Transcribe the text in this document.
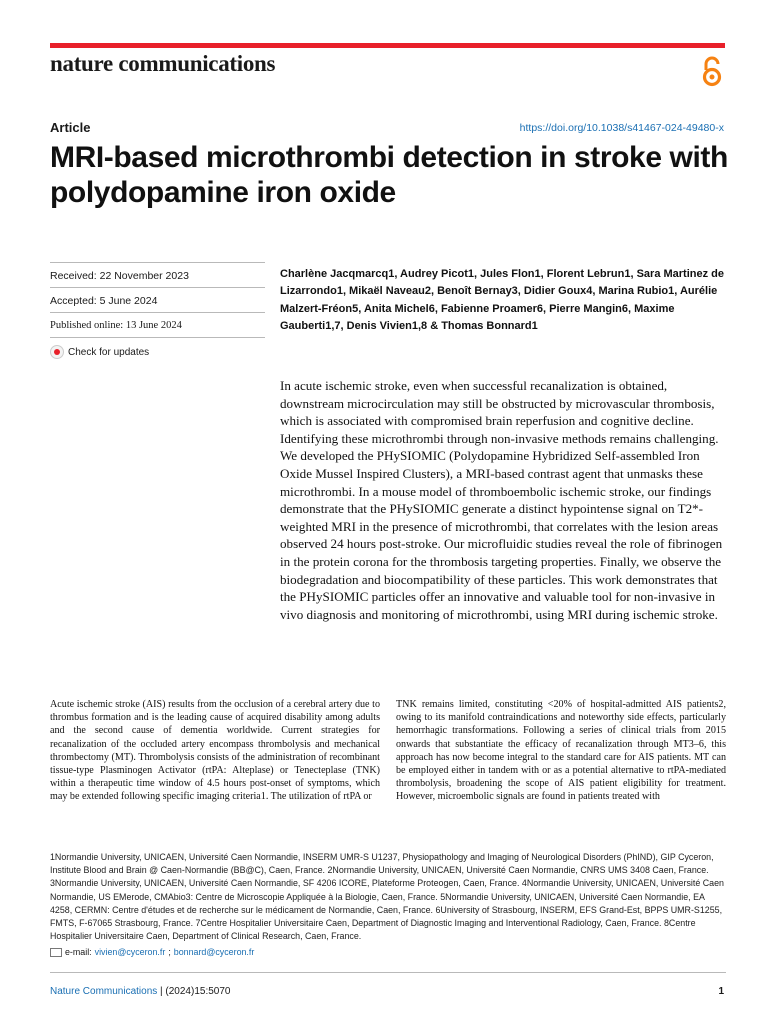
nature communications
Article	https://doi.org/10.1038/s41467-024-49480-x
MRI-based microthrombi detection in stroke with polydopamine iron oxide
Received: 22 November 2023
Accepted: 5 June 2024
Published online: 13 June 2024
Check for updates
Charlène Jacqmarcq1, Audrey Picot1, Jules Flon1, Florent Lebrun1, Sara Martinez de Lizarrondo1, Mikaël Naveau2, Benoît Bernay3, Didier Goux4, Marina Rubio1, Aurélie Malzert-Fréon5, Anita Michel6, Fabienne Proamer6, Pierre Mangin6, Maxime Gauberti1,7, Denis Vivien1,8 & Thomas Bonnard1

In acute ischemic stroke, even when successful recanalization is obtained, downstream microcirculation may still be obstructed by microvascular thrombosis, which is associated with compromised brain reperfusion and cognitive decline. Identifying these microthrombi through non-invasive methods remains challenging. We developed the PHySIOMIC (Polydopamine Hybridized Self-assembled Iron Oxide Mussel Inspired Clusters), a MRI-based contrast agent that unmasks these microthrombi. In a mouse model of thromboembolic ischemic stroke, our findings demonstrate that the PHySIOMIC generate a distinct hypointense signal on T2*-weighted MRI in the presence of microthrombi, that correlates with the lesion areas observed 24 hours post-stroke. Our microfluidic studies reveal the role of fibrinogen in the protein corona for the thrombosis targeting properties. Finally, we observe the biodegradation and biocompatibility of these particles. This work demonstrates that the PHySIOMIC particles offer an innovative and valuable tool for non-invasive in vivo diagnosis and monitoring of microthrombi, using MRI during ischemic stroke.

Acute ischemic stroke (AIS) results from the occlusion of a cerebral artery due to thrombus formation and is the leading cause of acquired disability among adults and the second cause of dementia worldwide. Current strategies for recanalization of the occluded artery encompass thrombolysis and mechanical thrombectomy (MT). Thrombolysis consists of the administration of recombinant tissue-type Plasminogen Activator (rtPA: Alteplase) or Tenecteplase (TNK) within a therapeutic time window of 4.5 hours post-onset of symptoms, which may be extended following specific imaging criteria1. The utilization of rtPA or

TNK remains limited, constituting <20% of hospital-admitted AIS patients2, owing to its manifold contraindications and noteworthy side effects, particularly hemorrhagic transformations. Following a series of clinical trials from 2015 onwards that substantiate the efficacy of recanalization through MT3–6, this approach has now become integral to the standard care for AIS patients. MT can be employed either in tandem with or as a potential alternative to rtPA-mediated thrombolysis, broadening the scope of AIS patient eligibility for treatment. However, microembolic signals are found in patients treated with

1Normandie University, UNICAEN, Université Caen Normandie, INSERM UMR-S U1237, Physiopathology and Imaging of Neurological Disorders (PhIND), GIP Cyceron, Institute Blood and Brain @ Caen-Normandie (BB@C), Caen, France. 2Normandie University, UNICAEN, Université Caen Normandie, CNRS UMS 3408 Caen, France. 3Normandie University, UNICAEN, Université Caen Normandie, SF 4206 ICORE, Plateforme Proteogen, Caen, France. 4Normandie University, UNICAEN, Université Caen Normandie, US EMerode, CMAbio3: Centre de Microscopie Appliquée à la Biologie, Caen, France. 5Normandie University, UNICAEN, Université Caen Normandie, EA 4258, CERMN: Centre d'études et de recherche sur le médicament de Normandie, Caen, France. 6University of Strasbourg, INSERM, EFS Grand-Est, BPPS UMR-S1255, FMTS, F-67065 Strasbourg, France. 7Centre Hospitalier Universitaire Caen, Department of Diagnostic Imaging and Interventional Radiology, Caen, France. 8Centre Hospitalier Universitaire Caen, Department of Clinical Research, Caen, France.

e-mail: vivien@cyceron.fr ; bonnard@cyceron.fr
Nature Communications | (2024)15:5070	1
